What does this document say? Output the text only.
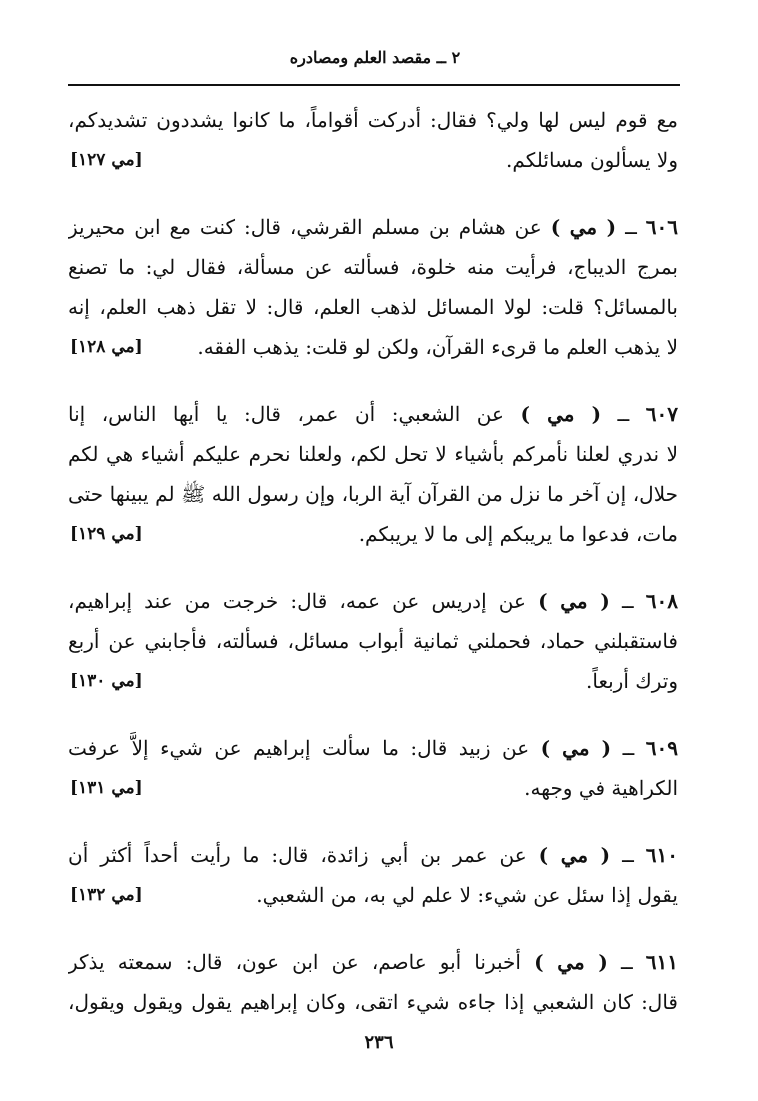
٢ ــ مقصد العلم ومصادره
مع قوم ليس لها ولي؟ فقال: أدركت أقواماً، ما كانوا يشددون تشديدكم،
ولا يسألون مسائلكم.
[مي ١٢٧]
٦٠٦ ــ ( مي ) عن هشام بن مسلم القرشي، قال: كنت مع ابن محيريز
بمرج الديباج، فرأيت منه خلوة، فسألته عن مسألة، فقال لي: ما تصنع
بالمسائل؟ قلت: لولا المسائل لذهب العلم، قال: لا تقل ذهب العلم، إنه
لا يذهب العلم ما قرىء القرآن، ولكن لو قلت: يذهب الفقه.
[مي ١٢٨]
٦٠٧ ــ ( مي ) عن الشعبي: أن عمر، قال: يا أيها الناس، إنا
لا ندري لعلنا نأمركم بأشياء لا تحل لكم، ولعلنا نحرم عليكم أشياء هي لكم
حلال، إن آخر ما نزل من القرآن آية الربا، وإن رسول الله ﷺ لم يبينها حتى
مات، فدعوا ما يريبكم إلى ما لا يريبكم.
[مي ١٢٩]
٦٠٨ ــ ( مي ) عن إدريس عن عمه، قال: خرجت من عند إبراهيم،
فاستقبلني حماد، فحملني ثمانية أبواب مسائل، فسألته، فأجابني عن أربع
وترك أربعاً.
[مي ١٣٠]
٦٠٩ ــ ( مي ) عن زبيد قال: ما سألت إبراهيم عن شيء إلاَّ عرفت
الكراهية في وجهه.
[مي ١٣١]
٦١٠ ــ ( مي ) عن عمر بن أبي زائدة، قال: ما رأيت أحداً أكثر أن
يقول إذا سئل عن شيء: لا علم لي به، من الشعبي.
[مي ١٣٢]
٦١١ ــ ( مي ) أخبرنا أبو عاصم، عن ابن عون، قال: سمعته يذكر
قال: كان الشعبي إذا جاءه شيء اتقى، وكان إبراهيم يقول ويقول ويقول،
٢٣٦
